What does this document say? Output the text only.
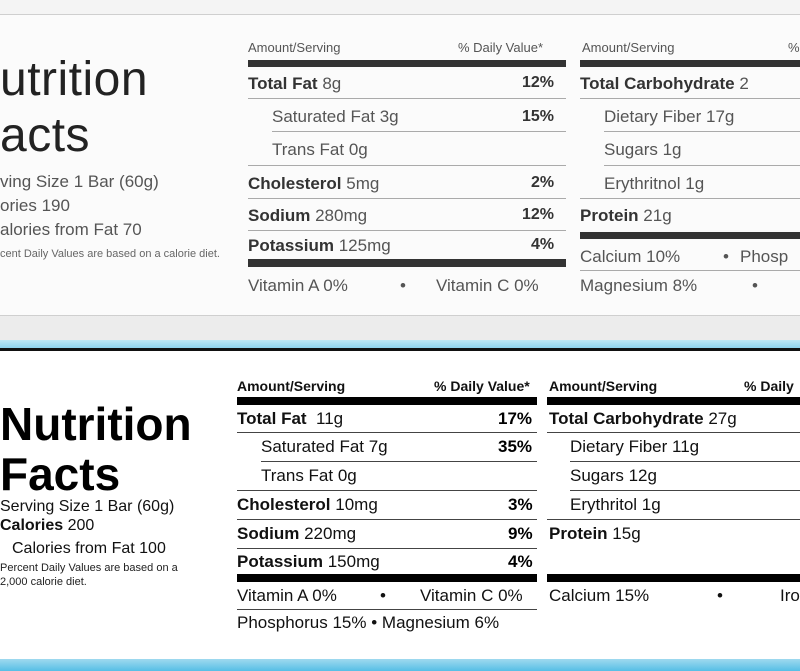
utrition
acts
ving Size 1 Bar (60g)
ories 190
alories from Fat 70
cent Daily Values are based on a calorie diet.
Amount/Serving	% Daily Value*
Total Fat 8g	12%
Saturated Fat 3g	15%
Trans Fat 0g
Cholesterol 5mg	2%
Sodium 280mg	12%
Potassium 125mg	4%
Vitamin A 0%	• Vitamin C 0%
Amount/Serving	%
Total Carbohydrate 2
Dietary Fiber 17g
Sugars 1g
Erythritnol 1g
Protein 21g
Calcium 10%	• Phosp
Magnesium 8%	•
Nutrition
Facts
Serving Size 1 Bar (60g)
Calories 200
Calories from Fat 100
Percent Daily Values are based on a
2,000 calorie diet.
Amount/Serving	% Daily Value*
Total Fat 11g	17%
Saturated Fat 7g	35%
Trans Fat 0g
Cholesterol 10mg	3%
Sodium 220mg	9%
Potassium 150mg	4%
Vitamin A 0%	• Vitamin C 0%
Phosphorus 15% • Magnesium 6%
Amount/Serving	% Daily
Total Carbohydrate 27g
Dietary Fiber 11g
Sugars 12g
Erythritol 1g
Protein 15g
Calcium 15%	•	Iro
